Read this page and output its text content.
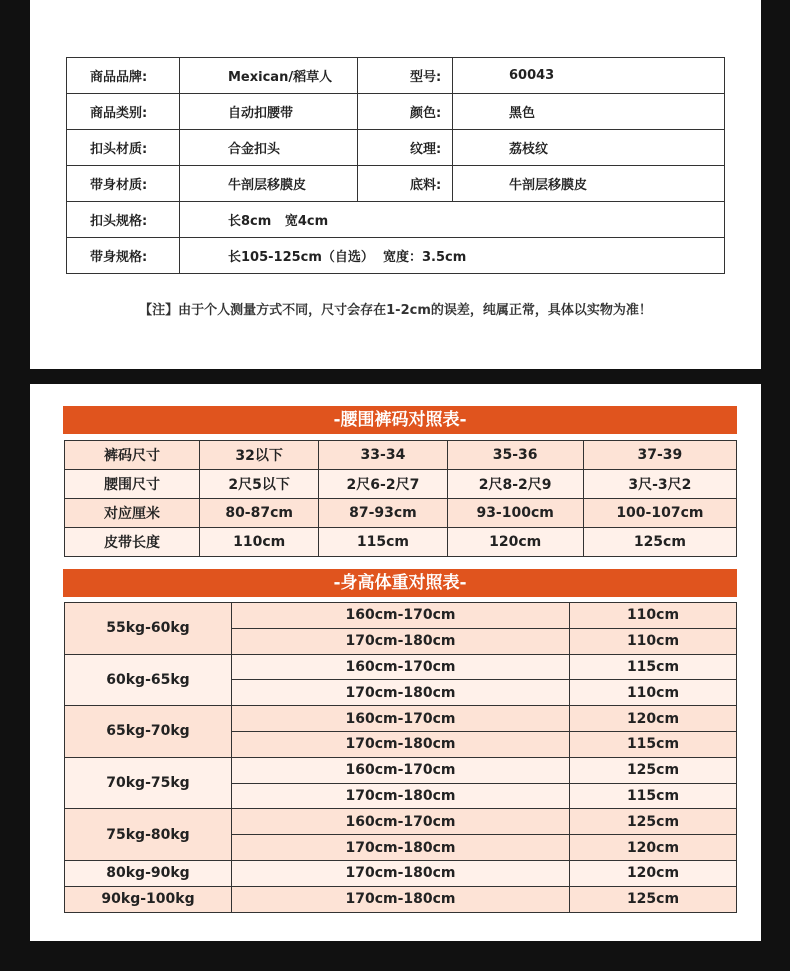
商品品牌:	Mexican/稻草人	型号:	60043
商品类别:	自动扣腰带	颜色:	黑色
扣头材质:	合金扣头	纹理:	荔枝纹
带身材质:	牛剖层移膜皮	底料:	牛剖层移膜皮
扣头规格:	长8cm   宽4cm		
带身规格:	长105-125cm（自选）  宽度：3.5cm		
【注】由于个人测量方式不同，尺寸会存在1-2cm的误差，纯属正常，具体以实物为准！
-腰围裤码对照表-
裤码尺寸	32以下	33-34	35-36	37-39
腰围尺寸	2尺5以下	2尺6-2尺7	2尺8-2尺9	3尺-3尺2
对应厘米	80-87cm	87-93cm	93-100cm	100-107cm
皮带长度	110cm	115cm	120cm	125cm
-身高体重对照表-
55kg-60kg	160cm-170cm	110cm
	170cm-180cm	110cm
60kg-65kg	160cm-170cm	115cm
	170cm-180cm	110cm
65kg-70kg	160cm-170cm	120cm
	170cm-180cm	115cm
70kg-75kg	160cm-170cm	125cm
	170cm-180cm	115cm
75kg-80kg	160cm-170cm	125cm
	170cm-180cm	120cm
80kg-90kg	170cm-180cm	120cm
90kg-100kg	170cm-180cm	125cm
